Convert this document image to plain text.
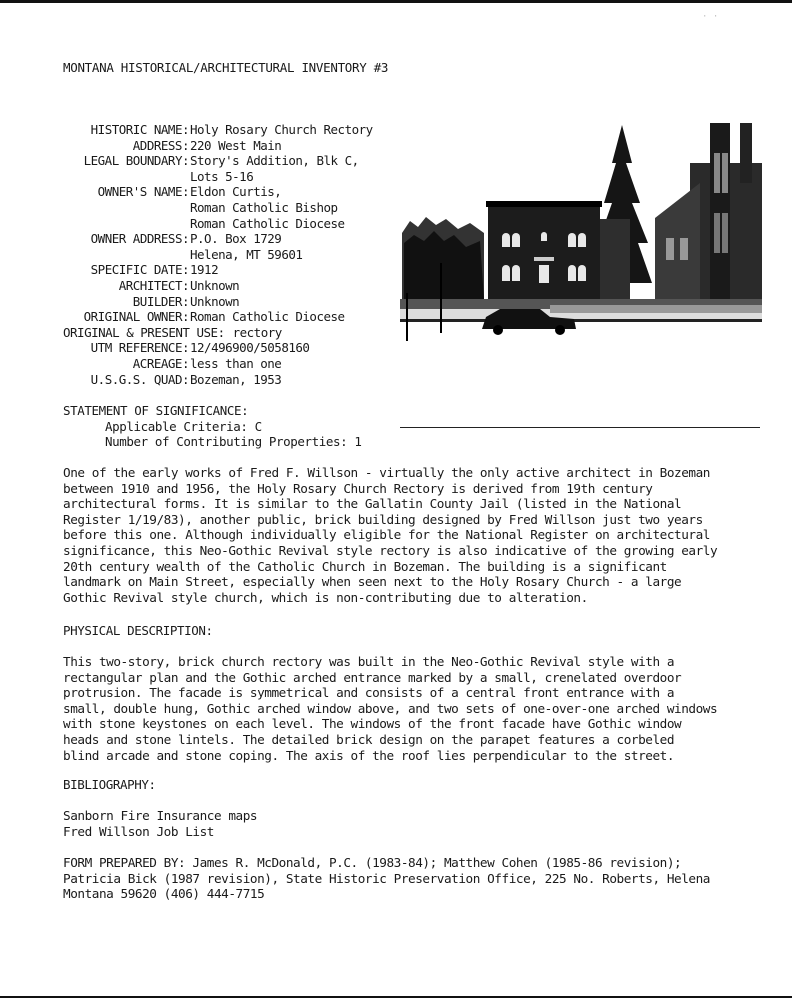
· ·
MONTANA HISTORICAL/ARCHITECTURAL INVENTORY #3
HISTORIC NAME: Holy Rosary Church Rectory
ADDRESS: 220 West Main
LEGAL BOUNDARY: Story's Addition, Blk C,
Lots 5-16
OWNER'S NAME: Eldon Curtis,
Roman Catholic Bishop
Roman Catholic Diocese
OWNER ADDRESS: P.O. Box 1729
Helena, MT 59601
SPECIFIC DATE: 1912
ARCHITECT: Unknown
BUILDER: Unknown
ORIGINAL OWNER: Roman Catholic Diocese
ORIGINAL & PRESENT USE: rectory
UTM REFERENCE: 12/496900/5058160
ACREAGE: less than one
U.S.G.S. QUAD: Bozeman, 1953
STATEMENT OF SIGNIFICANCE:
Applicable Criteria: C
Number of Contributing Properties: 1
One of the early works of Fred F. Willson - virtually the only active architect in Bozeman
between 1910 and 1956, the Holy Rosary Church Rectory is derived from 19th century
architectural forms. It is similar to the Gallatin County Jail (listed in the National
Register 1/19/83), another public, brick building designed by Fred Willson just two years
before this one. Although individually eligible for the National Register on architectural
significance, this Neo-Gothic Revival style rectory is also indicative of the growing early
20th century wealth of the Catholic Church in Bozeman. The building is a significant
landmark on Main Street, especially when seen next to the Holy Rosary Church - a large
Gothic Revival style church, which is non-contributing due to alteration.
PHYSICAL DESCRIPTION:
This two-story, brick church rectory was built in the Neo-Gothic Revival style with a
rectangular plan and the Gothic arched entrance marked by a small, crenelated overdoor
protrusion. The facade is symmetrical and consists of a central front entrance with a
small, double hung, Gothic arched window above, and two sets of one-over-one arched windows
with stone keystones on each level. The windows of the front facade have Gothic window
heads and stone lintels. The detailed brick design on the parapet features a corbeled
blind arcade and stone coping. The axis of the roof lies perpendicular to the street.
BIBLIOGRAPHY:
Sanborn Fire Insurance maps
Fred Willson Job List
FORM PREPARED BY: James R. McDonald, P.C. (1983-84); Matthew Cohen (1985-86 revision);
Patricia Bick (1987 revision), State Historic Preservation Office, 225 No. Roberts, Helena
Montana 59620 (406) 444-7715
